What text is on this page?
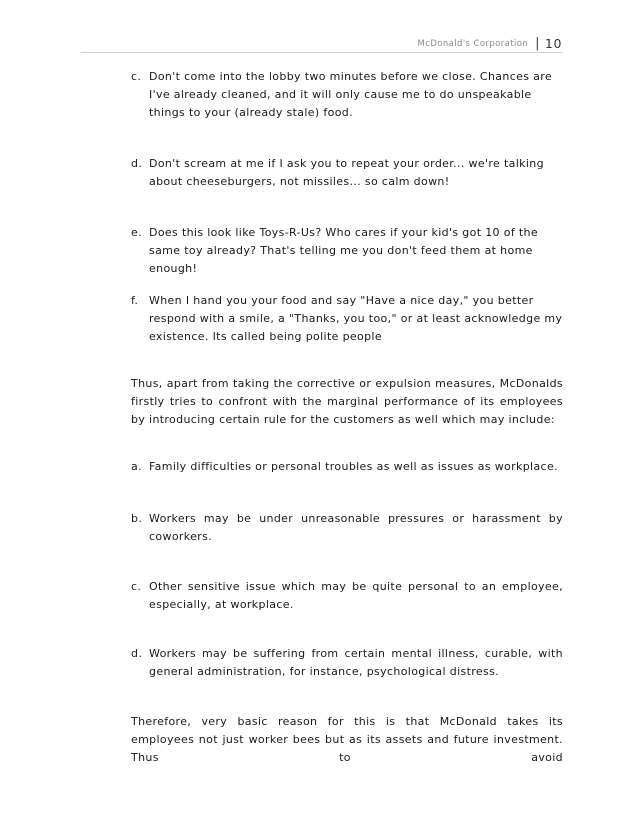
McDonald's Corporation | 10
c. Don't come into the lobby two minutes before we close. Chances are I've already cleaned, and it will only cause me to do unspeakable things to your (already stale) food.
d. Don't scream at me if I ask you to repeat your order... we're talking about cheeseburgers, not missiles... so calm down!
e. Does this look like Toys-R-Us? Who cares if your kid's got 10 of the same toy already? That's telling me you don't feed them at home enough!
f. When I hand you your food and say "Have a nice day," you better respond with a smile, a "Thanks, you too," or at least acknowledge my existence. Its called being polite people
Thus, apart from taking the corrective or expulsion measures, McDonalds firstly tries to confront with the marginal performance of its employees by introducing certain rule for the customers as well which may include:
a. Family difficulties or personal troubles as well as issues as workplace.
b. Workers may be under unreasonable pressures or harassment by coworkers.
c. Other sensitive issue which may be quite personal to an employee, especially, at workplace.
d. Workers may be suffering from certain mental illness, curable, with general administration, for instance, psychological distress.
Therefore, very basic reason for this is that McDonald takes its employees not just worker bees but as its assets and future investment. Thus to avoid
